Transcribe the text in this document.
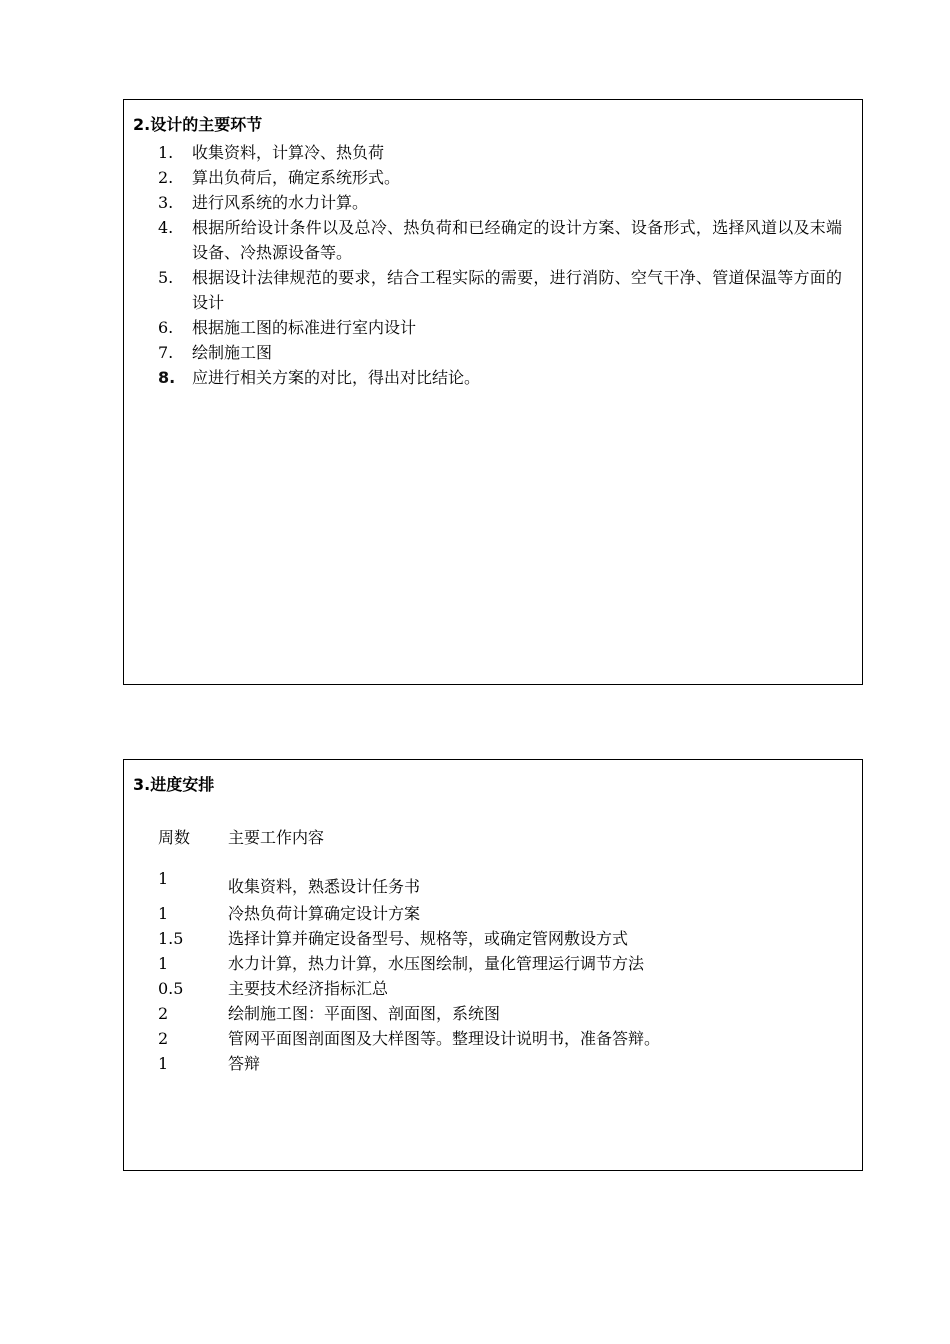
2.设计的主要环节
1.	收集资料，计算冷、热负荷
2.	算出负荷后，确定系统形式。
3.	进行风系统的水力计算。
4.	根据所给设计条件以及总冷、热负荷和已经确定的设计方案、设备形式，选择风道以及末端设备、冷热源设备等。
5.	根据设计法律规范的要求，结合工程实际的需要，进行消防、空气干净、管道保温等方面的设计
6.	根据施工图的标准进行室内设计
7.	绘制施工图
8.	应进行相关方案的对比，得出对比结论。
3.进度安排
周数 主要工作内容
1	收集资料，熟悉设计任务书
1	冷热负荷计算确定设计方案
1.5	选择计算并确定设备型号、规格等，或确定管网敷设方式
1	水力计算，热力计算，水压图绘制，量化管理运行调节方法
0.5	主要技术经济指标汇总
2	绘制施工图：平面图、剖面图，系统图
2	管网平面图剖面图及大样图等。整理设计说明书，准备答辩。
1	答辩
